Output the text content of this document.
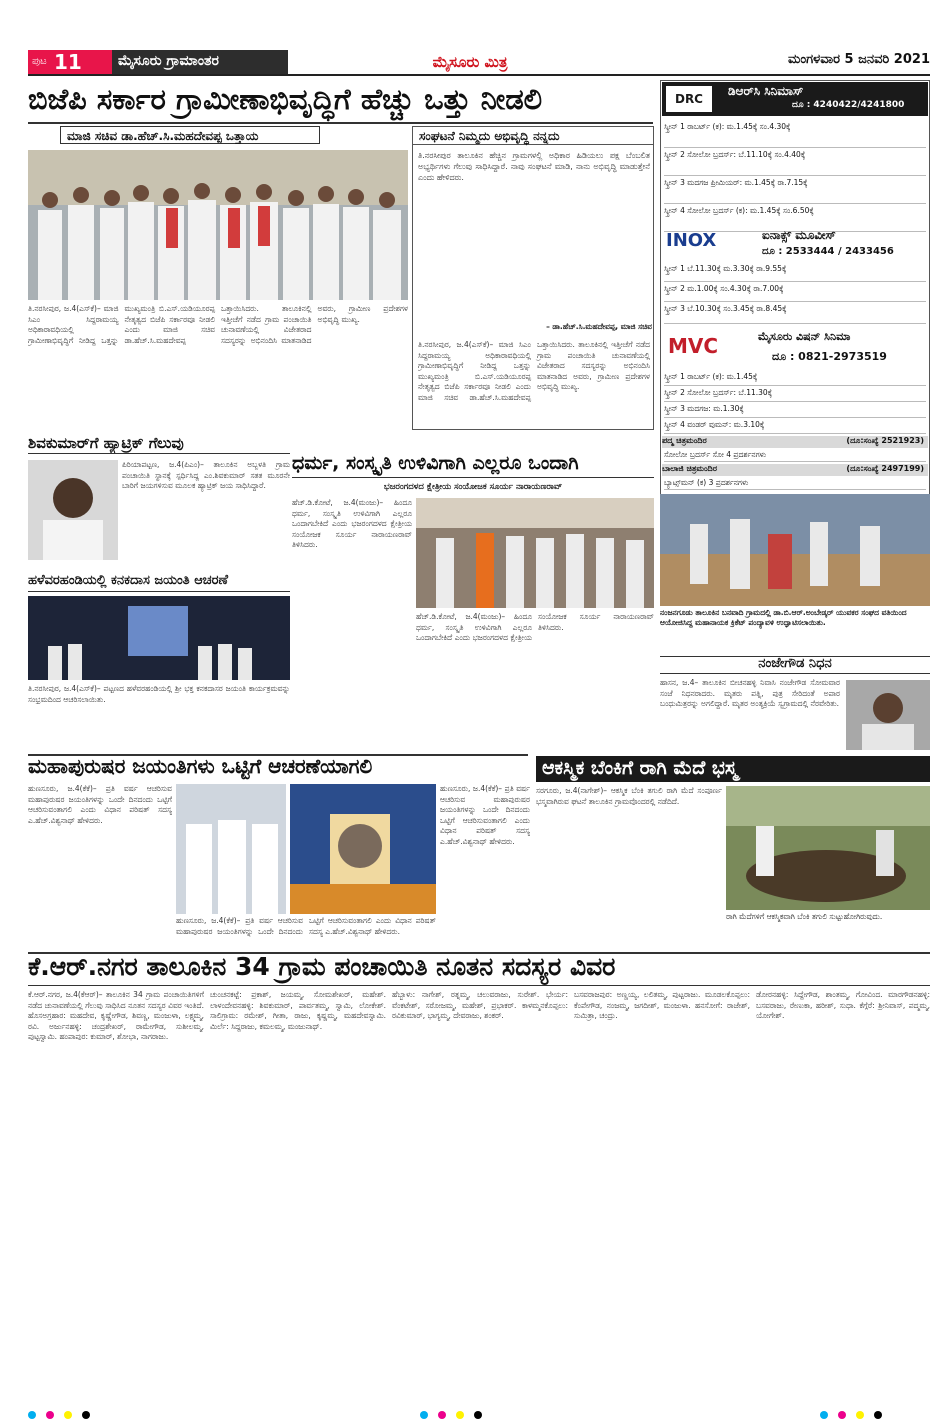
ಪುಟ 11	ಮೈಸೂರು ಗ್ರಾಮಾಂತರ	ಮೈಸೂರು ಮಿತ್ರ	ಮಂಗಳವಾರ 5 ಜನವರಿ 2021
ಬಿಜೆಪಿ ಸರ್ಕಾರ ಗ್ರಾಮೀಣಾಭಿವೃದ್ಧಿಗೆ ಹೆಚ್ಚು ಒತ್ತು ನೀಡಲಿ
ಮಾಜಿ ಸಚಿವ ಡಾ.ಹೆಚ್.ಸಿ.ಮಹದೇವಪ್ಪ ಒತ್ತಾಯ
ತಿ.ನರಸೀಪುರ, ಜ.4(ಎಸ್‌ಕೆ)– ಮಾಜಿ ಸಿಎಂ ಸಿದ್ದರಾಮಯ್ಯ ಅಧಿಕಾರಾವಧಿಯಲ್ಲಿ ಗ್ರಾಮೀಣಾಭಿವೃದ್ಧಿಗೆ ನೀಡಿದ್ದ ಒತ್ತನ್ನು ಮುಖ್ಯಮಂತ್ರಿ ಬಿ.ಎಸ್.ಯಡಿಯೂರಪ್ಪ ನೇತೃತ್ವದ ಬಿಜೆಪಿ ಸರ್ಕಾರವೂ ನೀಡಲಿ ಎಂದು ಮಾಜಿ ಸಚಿವ ಡಾ.ಹೆಚ್.ಸಿ.ಮಹದೇವಪ್ಪ ಒತ್ತಾಯಿಸಿದರು. ತಾಲೂಕಿನಲ್ಲಿ ಇತ್ತೀಚೆಗೆ ನಡೆದ ಗ್ರಾಮ ಪಂಚಾಯಿತಿ ಚುನಾವಣೆಯಲ್ಲಿ ವಿಜೇತರಾದ ಸದಸ್ಯರನ್ನು ಅಭಿನಂದಿಸಿ ಮಾತನಾಡಿದ ಅವರು, ಗ್ರಾಮೀಣ ಪ್ರದೇಶಗಳ ಅಭಿವೃದ್ಧಿ ಮುಖ್ಯ.
ಸಂಘಟನೆ ನಿಮ್ಮದು ಅಭಿವೃದ್ಧಿ ನನ್ನದು
ತಿ.ನರಸೀಪುರ ತಾಲೂಕಿನ ಹೆಚ್ಚಿನ ಗ್ರಾಮಗಳಲ್ಲಿ ಅಧಿಕಾರ ಹಿಡಿಯಲು ಪಕ್ಷ ಬೆಂಬಲಿತ ಅಭ್ಯರ್ಥಿಗಳು ಗೆಲುವು ಸಾಧಿಸಿದ್ದಾರೆ. ನಾವು ಸಂಘಟನೆ ಮಾಡಿ, ನಾನು ಅಭಿವೃದ್ಧಿ ಮಾಡುತ್ತೇನೆ ಎಂದು ಹೇಳಿದರು.
– ಡಾ.ಹೆಚ್.ಸಿ.ಮಹದೇವಪ್ಪ, ಮಾಜಿ ಸಚಿವ
ತಿ.ನರಸೀಪುರ, ಜ.4(ಎಸ್‌ಕೆ)– ಮಾಜಿ ಸಿಎಂ ಸಿದ್ದರಾಮಯ್ಯ ಅಧಿಕಾರಾವಧಿಯಲ್ಲಿ ಗ್ರಾಮೀಣಾಭಿವೃದ್ಧಿಗೆ ನೀಡಿದ್ದ ಒತ್ತನ್ನು ಮುಖ್ಯಮಂತ್ರಿ ಬಿ.ಎಸ್.ಯಡಿಯೂರಪ್ಪ ನೇತೃತ್ವದ ಬಿಜೆಪಿ ಸರ್ಕಾರವೂ ನೀಡಲಿ ಎಂದು ಮಾಜಿ ಸಚಿವ ಡಾ.ಹೆಚ್.ಸಿ.ಮಹದೇವಪ್ಪ ಒತ್ತಾಯಿಸಿದರು. ತಾಲೂಕಿನಲ್ಲಿ ಇತ್ತೀಚೆಗೆ ನಡೆದ ಗ್ರಾಮ ಪಂಚಾಯಿತಿ ಚುನಾವಣೆಯಲ್ಲಿ ವಿಜೇತರಾದ ಸದಸ್ಯರನ್ನು ಅಭಿನಂದಿಸಿ ಮಾತನಾಡಿದ ಅವರು, ಗ್ರಾಮೀಣ ಪ್ರದೇಶಗಳ ಅಭಿವೃದ್ಧಿ ಮುಖ್ಯ.
ಶಿವಕುಮಾರ್‌ಗೆ ಹ್ಯಾಟ್ರಿಕ್ ಗೆಲುವು
ಪಿರಿಯಾಪಟ್ಟಣ, ಜ.4(ಪಿಎಂ)– ತಾಲೂಕಿನ ಅಬ್ಬಳತಿ ಗ್ರಾಮ ಪಂಚಾಯಿತಿ ಸ್ಥಾನಕ್ಕೆ ಸ್ಪರ್ಧಿಸಿದ್ದ ಎಂ.ಶಿವಕುಮಾರ್ ಸತತ ಮೂರನೇ ಬಾರಿಗೆ ಜಯಗಳಿಸುವ ಮೂಲಕ ಹ್ಯಾಟ್ರಿಕ್ ಜಯ ಸಾಧಿಸಿದ್ದಾರೆ.
ಹಳೆವರಹಂಡಿಯಲ್ಲಿ ಕನಕದಾಸ ಜಯಂತಿ ಆಚರಣೆ
ತಿ.ನರಸೀಪುರ, ಜ.4(ಎಸ್‌ಕೆ)– ಪಟ್ಟಣದ ಹಳೆವರಹಂಡಿಯಲ್ಲಿ ಶ್ರೀ ಭಕ್ತ ಕನಕದಾಸರ ಜಯಂತಿ ಕಾರ್ಯಕ್ರಮವನ್ನು ಸಂಭ್ರಮದಿಂದ ಆಚರಿಸಲಾಯಿತು.
ಧರ್ಮ, ಸಂಸ್ಕೃತಿ ಉಳಿವಿಗಾಗಿ ಎಲ್ಲರೂ ಒಂದಾಗಿ
ಭಜರಂಗದಳದ ಕ್ಷೇತ್ರೀಯ ಸಂಯೋಜಕ ಸೂರ್ಯ ನಾರಾಯಣರಾವ್
ಹೆಚ್.ಡಿ.ಕೋಟೆ, ಜ.4(ಮಂಜು)– ಹಿಂದೂ ಧರ್ಮ, ಸಂಸ್ಕೃತಿ ಉಳಿವಿಗಾಗಿ ಎಲ್ಲರೂ ಒಂದಾಗಬೇಕಿದೆ ಎಂದು ಭಜರಂಗದಳದ ಕ್ಷೇತ್ರೀಯ ಸಂಯೋಜಕ ಸೂರ್ಯ ನಾರಾಯಣರಾವ್ ತಿಳಿಸಿದರು.
ಹೆಚ್.ಡಿ.ಕೋಟೆ, ಜ.4(ಮಂಜು)– ಹಿಂದೂ ಧರ್ಮ, ಸಂಸ್ಕೃತಿ ಉಳಿವಿಗಾಗಿ ಎಲ್ಲರೂ ಒಂದಾಗಬೇಕಿದೆ ಎಂದು ಭಜರಂಗದಳದ ಕ್ಷೇತ್ರೀಯ ಸಂಯೋಜಕ ಸೂರ್ಯ ನಾರಾಯಣರಾವ್ ತಿಳಿಸಿದರು.
DRC
ಡಿಆರ್‌ಸಿ ಸಿನಿಮಾಸ್
ದೂ : 4240422/4241800
ಸ್ಕ್ರೀನ್ 1 ರಾಬರ್ಟ್ (ಕ): ಮ.1.45ಕ್ಕೆ ಸಂ.4.30ಕ್ಕೆ
ಸ್ಕ್ರೀನ್ 2 ಸೋಲೋ ಬ್ರದರ್ಸ್: ಬೆ.11.10ಕ್ಕೆ ಸಂ.4.40ಕ್ಕೆ
ಸ್ಕ್ರೀನ್ 3 ಮದಗಜ ಪ್ರೀಮಿಯರ್: ಮ.1.45ಕ್ಕೆ ರಾ.7.15ಕ್ಕೆ
ಸ್ಕ್ರೀನ್ 4 ಸೋಲೋ ಬ್ರದರ್ಸ್ (ಕ): ಮ.1.45ಕ್ಕೆ ಸಂ.6.50ಕ್ಕೆ
INOX	ಐನಾಕ್ಸ್ ಮೂವೀಸ್
ದೂ : 2533444 / 2433456
ಸ್ಕ್ರೀನ್ 1 ಬೆ.11.30ಕ್ಕೆ ಮ.3.30ಕ್ಕೆ ರಾ.9.55ಕ್ಕೆ
ಸ್ಕ್ರೀನ್ 2 ಮ.1.00ಕ್ಕೆ ಸಂ.4.30ಕ್ಕೆ ರಾ.7.00ಕ್ಕೆ
ಸ್ಕ್ರೀನ್ 3 ಬೆ.10.30ಕ್ಕೆ ಸಂ.3.45ಕ್ಕೆ ರಾ.8.45ಕ್ಕೆ
MVC	ಮೈಸೂರು ವಿಷನ್ ಸಿನಿಮಾ
ದೂ : 0821-2973519
ಸ್ಕ್ರೀನ್ 1 ರಾಬರ್ಟ್ (ಕ): ಮ.1.45ಕ್ಕೆ
ಸ್ಕ್ರೀನ್ 2 ಸೋಲೋ ಬ್ರದರ್ಸ್: ಬೆ.11.30ಕ್ಕೆ
ಸ್ಕ್ರೀನ್ 3 ಮದಗಜ: ಮ.1.30ಕ್ಕೆ
ಸ್ಕ್ರೀನ್ 4 ವಂಡರ್ ವುಮನ್: ಮ.3.10ಕ್ಕೆ
ಪದ್ಮ ಚಿತ್ರಮಂದಿರ	(ದೂ:ಸಂಖ್ಯೆ 2521923)
ಸೋಲೋ ಬ್ರದರ್ಸ್ ಸೋ 4 ಪ್ರದರ್ಶನಗಳು
ಬಾಲಾಜಿ ಚಿತ್ರಮಂದಿರ	(ದೂ:ಸಂಖ್ಯೆ 2497199)
ಬ್ಯಾಟ್ಸ್‌ಮನ್ (ಕ) 3 ಪ್ರದರ್ಶನಗಳು
ನಂಜನಗೂಡು ತಾಲೂಕಿನ ಬನವಾದಿ ಗ್ರಾಮದಲ್ಲಿ ಡಾ.ಬಿ.ಆರ್.ಅಂಬೇಡ್ಕರ್ ಯುವಕರ ಸಂಘದ ವತಿಯಿಂದ ಆಯೋಜಿಸಿದ್ದ ಮಹಾನಾಯಕ ಕ್ರಿಕೆಟ್ ಪಂದ್ಯಾವಳಿ ಉದ್ಘಾಟಿಸಲಾಯಿತು.
ನಂಜೇಗೌಡ ನಿಧನ
ಹಾಸನ, ಜ.4– ತಾಲೂಕಿನ ಬೀಚನಹಳ್ಳಿ ನಿವಾಸಿ ನಂಜೇಗೌಡ ಸೋಮವಾರ ಸಂಜೆ ನಿಧನರಾದರು. ಮೃತರು ಪತ್ನಿ, ಪುತ್ರ ಸೇರಿದಂತೆ ಅಪಾರ ಬಂಧುಮಿತ್ರರನ್ನು ಅಗಲಿದ್ದಾರೆ. ಮೃತರ ಅಂತ್ಯಕ್ರಿಯೆ ಸ್ವಗ್ರಾಮದಲ್ಲಿ ನೆರವೇರಿತು.
ಮಹಾಪುರುಷರ ಜಯಂತಿಗಳು ಒಟ್ಟಿಗೆ ಆಚರಣೆಯಾಗಲಿ
ಹುಣಸೂರು, ಜ.4(ಕೆಕೆ)– ಪ್ರತಿ ವರ್ಷ ಆಚರಿಸುವ ಮಹಾಪುರುಷರ ಜಯಂತಿಗಳನ್ನು ಒಂದೇ ದಿನದಂದು ಒಟ್ಟಿಗೆ ಆಚರಿಸುವಂತಾಗಲಿ ಎಂದು ವಿಧಾನ ಪರಿಷತ್ ಸದಸ್ಯ ಎ.ಹೆಚ್.ವಿಶ್ವನಾಥ್ ಹೇಳಿದರು.
ಹುಣಸೂರು, ಜ.4(ಕೆಕೆ)– ಪ್ರತಿ ವರ್ಷ ಆಚರಿಸುವ ಮಹಾಪುರುಷರ ಜಯಂತಿಗಳನ್ನು ಒಂದೇ ದಿನದಂದು ಒಟ್ಟಿಗೆ ಆಚರಿಸುವಂತಾಗಲಿ ಎಂದು ವಿಧಾನ ಪರಿಷತ್ ಸದಸ್ಯ ಎ.ಹೆಚ್.ವಿಶ್ವನಾಥ್ ಹೇಳಿದರು.
ಹುಣಸೂರು, ಜ.4(ಕೆಕೆ)– ಪ್ರತಿ ವರ್ಷ ಆಚರಿಸುವ ಮಹಾಪುರುಷರ ಜಯಂತಿಗಳನ್ನು ಒಂದೇ ದಿನದಂದು ಒಟ್ಟಿಗೆ ಆಚರಿಸುವಂತಾಗಲಿ ಎಂದು ವಿಧಾನ ಪರಿಷತ್ ಸದಸ್ಯ ಎ.ಹೆಚ್.ವಿಶ್ವನಾಥ್ ಹೇಳಿದರು.
ಆಕಸ್ಮಿಕ ಬೆಂಕಿಗೆ ರಾಗಿ ಮೆದೆ ಭಸ್ಮ
ಸರಗೂರು, ಜ.4(ನಾಗೇಶ್)– ಆಕಸ್ಮಿಕ ಬೆಂಕಿ ತಗುಲಿ ರಾಗಿ ಮೆದೆ ಸಂಪೂರ್ಣ ಭಸ್ಮವಾಗಿರುವ ಘಟನೆ ತಾಲೂಕಿನ ಗ್ರಾಮವೊಂದರಲ್ಲಿ ನಡೆದಿದೆ.
ರಾಗಿ ಮೆದೆಗಳಿಗೆ ಆಕಸ್ಮಿಕವಾಗಿ ಬೆಂಕಿ ತಗುಲಿ ಸುಟ್ಟುಹೋಗಿರುವುದು.
ಕೆ.ಆರ್.ನಗರ ತಾಲೂಕಿನ 34 ಗ್ರಾಮ ಪಂಚಾಯಿತಿ ನೂತನ ಸದಸ್ಯರ ವಿವರ
ಕೆ.ಆರ್.ನಗರ, ಜ.4(ಕೆಆರ್)– ತಾಲೂಕಿನ 34 ಗ್ರಾಮ ಪಂಚಾಯಿತಿಗಳಿಗೆ ನಡೆದ ಚುನಾವಣೆಯಲ್ಲಿ ಗೆಲುವು ಸಾಧಿಸಿದ ನೂತನ ಸದಸ್ಯರ ವಿವರ ಇಂತಿದೆ. ಹೊಸಅಗ್ರಹಾರ: ಮಹದೇವ, ಕೃಷ್ಣೇಗೌಡ, ಶಿವಣ್ಣ, ಮಂಜುಳಾ, ಲಕ್ಷ್ಮಮ್ಮ, ರವಿ. ಅರ್ಜುನಹಳ್ಳಿ: ಚಂದ್ರಶೇಖರ್, ರಾಮೇಗೌಡ, ಸುಶೀಲಮ್ಮ, ಪುಟ್ಟಸ್ವಾಮಿ. ಹಂಪಾಪುರ: ಕುಮಾರ್, ಶೋಭಾ, ನಾಗರಾಜು.
ಚುಂಚನಕಟ್ಟೆ: ಪ್ರಕಾಶ್, ಜಯಮ್ಮ, ಸೋಮಶೇಖರ್, ಮಹೇಶ್. ಲಾಳಂದೇವನಹಳ್ಳಿ: ಶಿವಕುಮಾರ್, ಪಾರ್ವತಮ್ಮ, ಸ್ವಾಮಿ, ಲೋಕೇಶ್. ಸಾಲಿಗ್ರಾಮ: ರಮೇಶ್, ಗೀತಾ, ರಾಜು, ಕೃಷ್ಣಮ್ಮ, ಮಹದೇವಸ್ವಾಮಿ. ಮಿರ್ಲೆ: ಸಿದ್ದರಾಜು, ಕಮಲಮ್ಮ, ಮಂಜುನಾಥ್.
ಹೆಬ್ಬಾಳು: ನಾಗೇಶ್, ರತ್ನಮ್ಮ, ಚಲುವರಾಜು, ಸುರೇಶ್. ಭೇರ್ಯ: ವೆಂಕಟೇಶ್, ಸರೋಜಮ್ಮ, ಮಹೇಶ್, ಪ್ರಭಾಕರ್. ಕಾಳಮ್ಮನಕೊಪ್ಪಲು: ರವಿಕುಮಾರ್, ಭಾಗ್ಯಮ್ಮ, ದೇವರಾಜು, ಶಂಕರ್.
ಬಸವರಾಜಪುರ: ಅಣ್ಣಯ್ಯ, ಲಲಿತಮ್ಮ, ಪುಟ್ಟರಾಜು. ಮೂಡಲಕೊಪ್ಪಲು: ಕೆಂಪೇಗೌಡ, ನಂಜಮ್ಮ, ಜಗದೀಶ್, ಮಂಜುಳಾ. ಹನಸೋಗೆ: ರಾಜೇಶ್, ಸುಮಿತ್ರಾ, ಚಂದ್ರು.
ಡೋರನಹಳ್ಳಿ: ಸಿದ್ದೇಗೌಡ, ಶಾಂತಮ್ಮ, ಗೋವಿಂದ. ಮಾರಗೌಡನಹಳ್ಳಿ: ಬಸವರಾಜು, ರೇಣುಕಾ, ಹರೀಶ್, ಸುಧಾ. ಕೆಗ್ಗೆರೆ: ಶ್ರೀನಿವಾಸ್, ಪದ್ಮಮ್ಮ, ಯೋಗೇಶ್.
